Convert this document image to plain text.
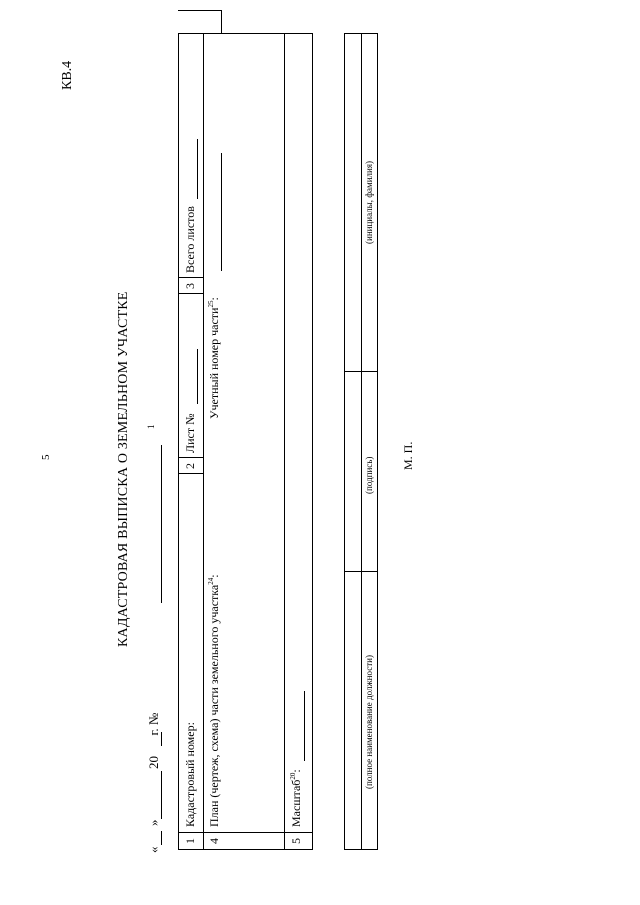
5
КВ.4
КАДАСТРОВАЯ ВЫПИСКА О ЗЕМЕЛЬНОМ УЧАСТКЕ
«  »  20  г. №
1
1
Кадастровый номер:
2
Лист №
3
Всего листов
4
План (чертеж, схема) части земельного участка$^{24}$:
Учетный номер части$^{25}$:
5
Масштаб$^{20}$:	(полное наименование должности)
(подпись)
(инициалы, фамилия)
М. П.
